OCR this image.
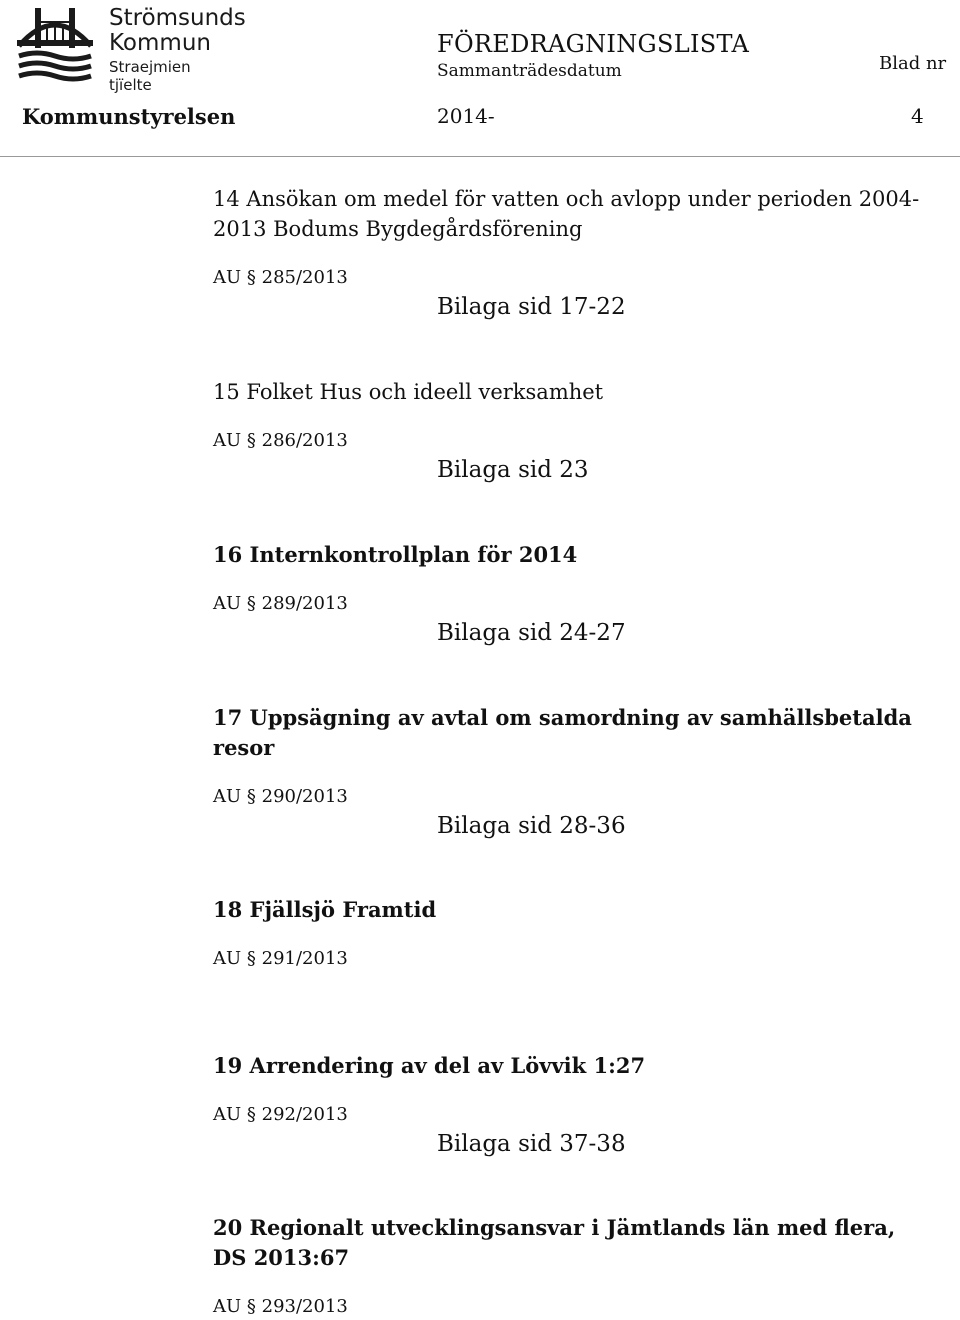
Strömsunds
Kommun
Straejmien tjïelte
FÖREDRAGNINGSLISTA
Sammanträdesdatum	Blad nr
Kommunstyrelsen	2014-	4
14 Ansökan om medel för vatten och avlopp under perioden 2004-2013 Bodums Bygdegårdsförening
AU § 285/2013
Bilaga sid 17-22
15 Folket Hus och ideell verksamhet
AU § 286/2013
Bilaga sid 23
16 Internkontrollplan för 2014
AU § 289/2013
Bilaga sid 24-27
17 Uppsägning av avtal om samordning av samhällsbetalda resor
AU § 290/2013
Bilaga sid 28-36
18 Fjällsjö Framtid
AU § 291/2013
19 Arrendering av del av Lövvik 1:27
AU § 292/2013
Bilaga sid 37-38
20 Regionalt utvecklingsansvar i Jämtlands län med flera, DS 2013:67
AU § 293/2013
